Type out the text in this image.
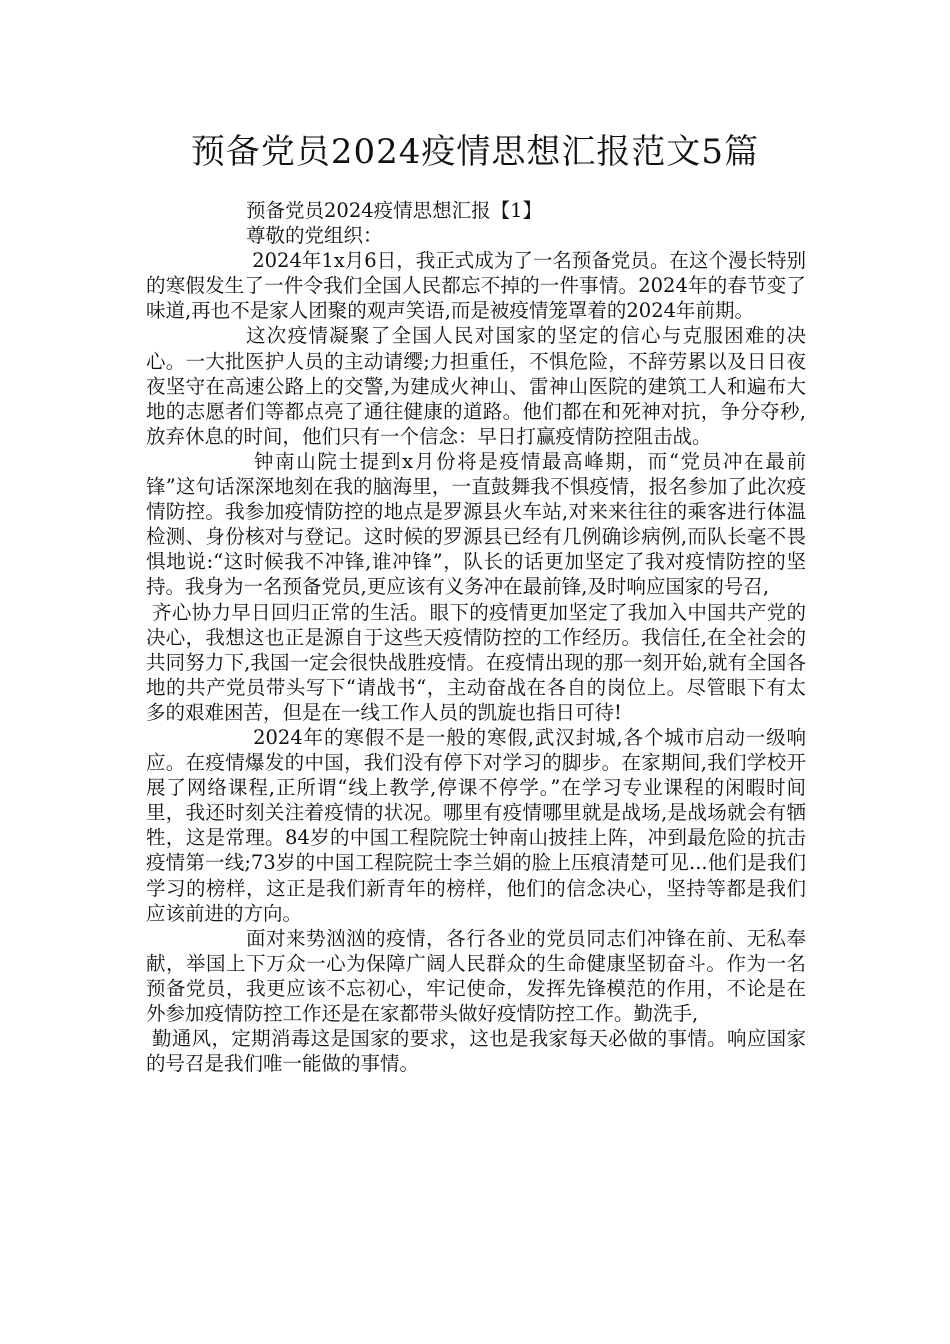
预备党员2024疫情思想汇报范文5篇

预备党员2024疫情思想汇报【1】

尊敬的党组织：

2024年1x月6日，我正式成为了一名预备党员。在这个漫长特别的寒假发生了一件令我们全国人民都忘不掉的一件事情。2024年的春节变了味道,再也不是家人团聚的观声笑语,而是被疫情笼罩着的2024年前期。

这次疫情凝聚了全国人民对国家的坚定的信心与克服困难的决心。一大批医护人员的主动请缨;力担重任，不惧危险，不辞劳累以及日日夜夜坚守在高速公路上的交警,为建成火神山、雷神山医院的建筑工人和遍布大地的志愿者们等都点亮了通往健康的道路。他们都在和死神对抗，争分夺秒,放弃休息的时间，他们只有一个信念：早日打赢疫情防控阻击战。

钟南山院士提到x月份将是疫情最高峰期，而“党员冲在最前锋”这句话深深地刻在我的脑海里，一直鼓舞我不惧疫情，报名参加了此次疫情防控。我参加疫情防控的地点是罗源县火车站,对来来往往的乘客进行体温检测、身份核对与登记。这时候的罗源县已经有几例确诊病例,而队长毫不畏惧地说:“这时候我不冲锋,谁冲锋”，队长的话更加坚定了我对疫情防控的坚持。我身为一名预备党员,更应该有义务冲在最前锋,及时响应国家的号召,

齐心协力早日回归正常的生活。眼下的疫情更加坚定了我加入中国共产党的决心，我想这也正是源自于这些天疫情防控的工作经历。我信任,在全社会的共同努力下,我国一定会很快战胜疫情。在疫情出现的那一刻开始,就有全国各地的共产党员带头写下“请战书“，主动奋战在各自的岗位上。尽管眼下有太多的艰难困苦，但是在一线工作人员的凯旋也指日可待!

2024年的寒假不是一般的寒假,武汉封城,各个城市启动一级响应。在疫情爆发的中国，我们没有停下对学习的脚步。在家期间,我们学校开展了网络课程,正所谓“线上教学,停课不停学。”在学习专业课程的闲暇时间里，我还时刻关注着疫情的状况。哪里有疫情哪里就是战场,是战场就会有牺牲，这是常理。84岁的中国工程院院士钟南山披挂上阵，冲到最危险的抗击疫情第一线;73岁的中国工程院院士李兰娟的脸上压痕清楚可见...他们是我们学习的榜样，这正是我们新青年的榜样，他们的信念决心，坚持等都是我们应该前进的方向。

面对来势汹汹的疫情，各行各业的党员同志们冲锋在前、无私奉献，举国上下万众一心为保障广阔人民群众的生命健康坚韧奋斗。作为一名预备党员，我更应该不忘初心，牢记使命，发挥先锋模范的作用，不论是在外参加疫情防控工作还是在家都带头做好疫情防控工作。勤洗手,

勤通风，定期消毒这是国家的要求，这也是我家每天必做的事情。响应国家的号召是我们唯一能做的事情。
